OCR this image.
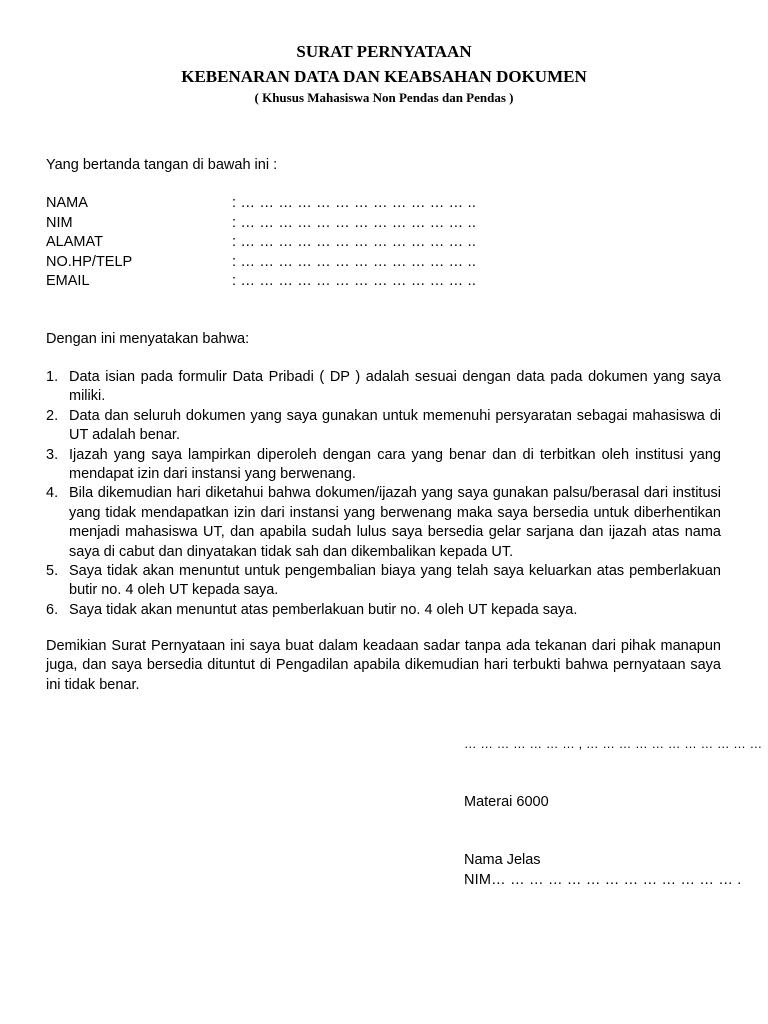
SURAT PERNYATAAN
KEBENARAN DATA DAN KEABSAHAN DOKUMEN
( Khusus Mahasiswa Non Pendas dan Pendas )
Yang bertanda tangan di bawah ini :
NAMA	: … … … … … … … … … … … … ..
NIM	: … … … … … … … … … … … … ..
ALAMAT	: … … … … … … … … … … … … ..
NO.HP/TELP	: … … … … … … … … … … … … ..
EMAIL	: … … … … … … … … … … … … ..
Dengan ini menyatakan bahwa:
1. Data isian pada formulir Data Pribadi ( DP ) adalah sesuai dengan data pada dokumen yang saya miliki.
2. Data dan seluruh dokumen yang saya gunakan untuk memenuhi persyaratan sebagai mahasiswa di UT adalah benar.
3. Ijazah yang saya lampirkan diperoleh dengan cara yang benar dan di terbitkan oleh institusi yang mendapat izin dari instansi yang berwenang.
4. Bila dikemudian hari diketahui bahwa dokumen/ijazah yang saya gunakan palsu/berasal dari institusi yang tidak mendapatkan izin dari instansi yang berwenang maka saya bersedia untuk diberhentikan menjadi mahasiswa UT, dan apabila sudah lulus saya bersedia gelar sarjana dan ijazah atas nama saya di cabut dan dinyatakan tidak sah dan dikembalikan kepada UT.
5. Saya tidak akan menuntut untuk pengembalian biaya yang telah saya keluarkan atas pemberlakuan butir no. 4 oleh UT kepada saya.
6. Saya tidak akan menuntut atas pemberlakuan butir no. 4 oleh UT kepada saya.
Demikian Surat Pernyataan ini saya buat dalam keadaan sadar tanpa ada tekanan dari pihak manapun juga, dan saya bersedia dituntut di Pengadilan apabila dikemudian hari terbukti bahwa pernyataan saya ini tidak benar.
… … … … … … … , … … … … … … … … … … …
Materai 6000
Nama Jelas
NIM… … … … … … … … … … … … … .
